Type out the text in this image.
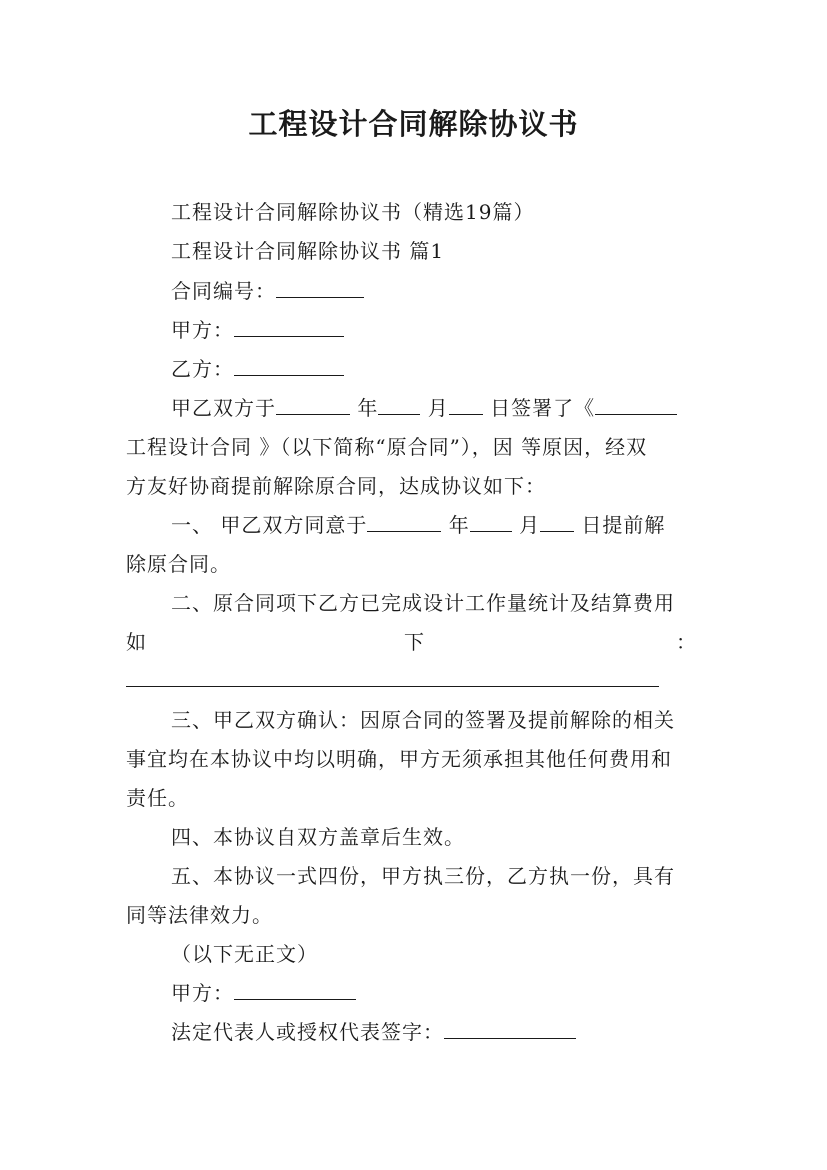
工程设计合同解除协议书
工程设计合同解除协议书（精选19篇）
工程设计合同解除协议书 篇1
合同编号：
甲方：
乙方：
甲乙双方于	年 月 日签署了《
工程设计合同 》（以下简称“原合同”），因 等原因，经双
方友好协商提前解除原合同，达成协议如下：
一、 甲乙双方同意于	年 月 日提前解
除原合同。
二、原合同项下乙方已完成设计工作量统计及结算费用
如	下	：
三、甲乙双方确认：因原合同的签署及提前解除的相关
事宜均在本协议中均以明确，甲方无须承担其他任何费用和
责任。
四、本协议自双方盖章后生效。
五、本协议一式四份，甲方执三份，乙方执一份，具有
同等法律效力。
（以下无正文）
甲方：
法定代表人或授权代表签字：
